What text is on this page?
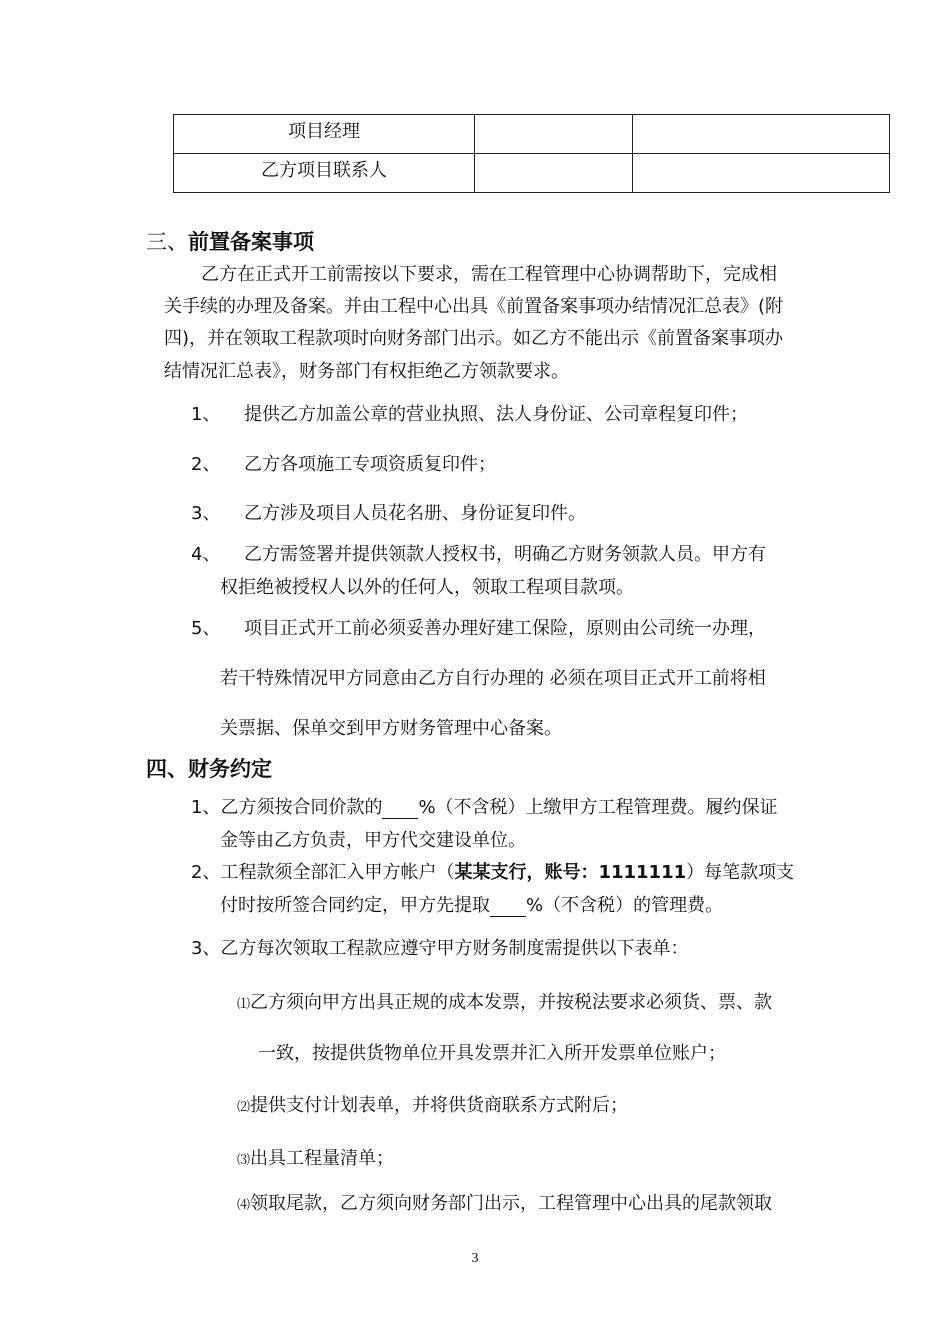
项目经理		
乙方项目联系人		
三、前置备案事项
乙方在正式开工前需按以下要求，需在工程管理中心协调帮助下，完成相
关手续的办理及备案。并由工程中心出具《前置备案事项办结情况汇总表》(附
四)，并在领取工程款项时向财务部门出示。如乙方不能出示《前置备案事项办
结情况汇总表》，财务部门有权拒绝乙方领款要求。
1、 提供乙方加盖公章的营业执照、法人身份证、公司章程复印件；
2、 乙方各项施工专项资质复印件；
3、 乙方涉及项目人员花名册、身份证复印件。
4、 乙方需签署并提供领款人授权书，明确乙方财务领款人员。甲方有
权拒绝被授权人以外的任何人，领取工程项目款项。
5、 项目正式开工前必须妥善办理好建工保险，原则由公司统一办理，
若干特殊情况甲方同意由乙方自行办理的 必须在项目正式开工前将相
关票据、保单交到甲方财务管理中心备案。
四、财务约定
1、乙方须按合同价款的 %（不含税）上缴甲方工程管理费。履约保证
金等由乙方负责，甲方代交建设单位。
2、工程款须全部汇入甲方帐户（某某支行，账号：1111111）每笔款项支
付时按所签合同约定，甲方先提取 %（不含税）的管理费。
3、乙方每次领取工程款应遵守甲方财务制度需提供以下表单：
⑴乙方须向甲方出具正规的成本发票，并按税法要求必须货、票、款
一致，按提供货物单位开具发票并汇入所开发票单位账户；
⑵提供支付计划表单，并将供货商联系方式附后；
⑶出具工程量清单；
⑷领取尾款，乙方须向财务部门出示，工程管理中心出具的尾款领取
3
